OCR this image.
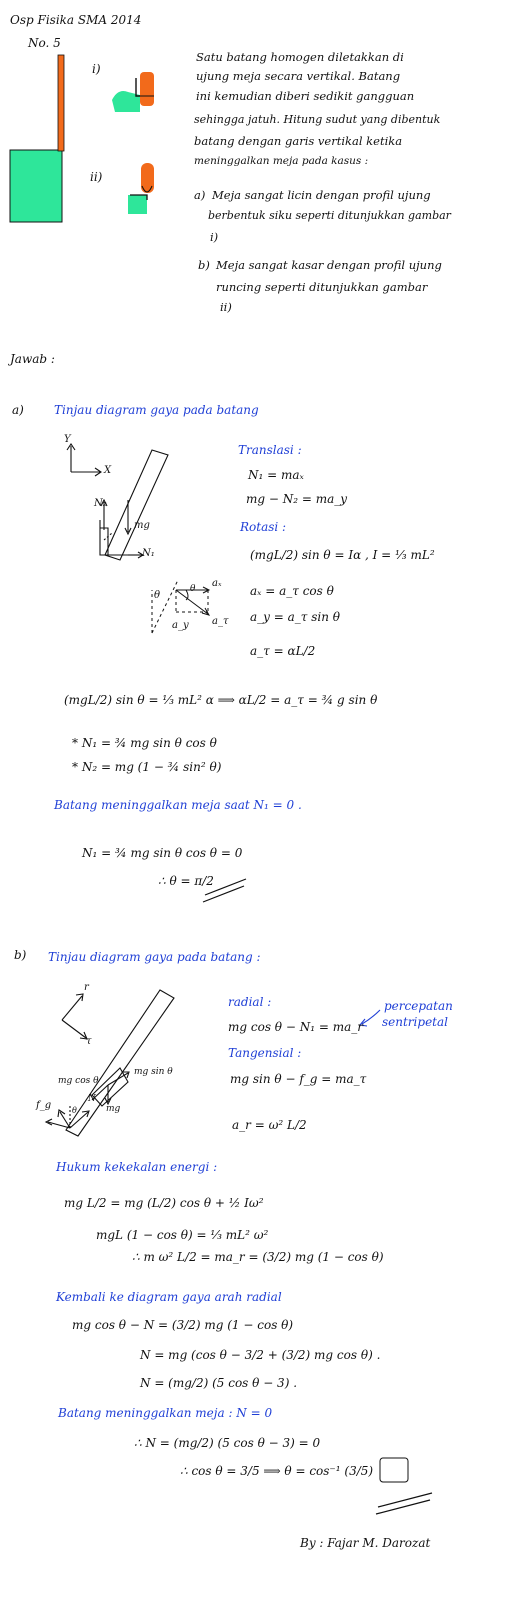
Osp Fisika SMA 2014
No. 5
i)
ii)
Satu batang homogen diletakkan di
ujung meja secara vertikal. Batang
ini kemudian diberi sedikit gangguan
sehingga jatuh. Hitung sudut yang dibentuk
batang dengan garis vertikal ketika
meninggalkan meja pada kasus :
a) Meja sangat licin dengan profil ujung
berbentuk siku seperti ditunjukkan gambar
i)
b) Meja sangat kasar dengan profil ujung
runcing seperti ditunjukkan gambar
ii)
Jawab :
a)	Tinjau diagram gaya pada batang
Y
X
N₂
mg
N₁
θ
θ aₓ
a_y a_τ
Translasi :
N₁ = maₓ
mg − N₂ = ma_y
Rotasi :
(mgL/2) sin θ = Iα , I = ⅓ mL²
aₓ = a_τ cos θ
a_y = a_τ sin θ
a_τ = αL/2
(mgL/2) sin θ = ⅓ mL² α ⟹ αL/2 = a_τ = ¾ g sin θ
* N₁ = ¾ mg sin θ cos θ
* N₂ = mg (1 − ¾ sin² θ)
Batang meninggalkan meja saat N₁ = 0 .
N₁ = ¾ mg sin θ cos θ = 0
∴ θ = π/2
b) Tinjau diagram gaya pada batang :
r
τ
mg cos θ
mg sin θ
mg
f_g
N
θ
radial :
mg cos θ − N₁ = ma_r
percepatan
sentripetal
Tangensial :
mg sin θ − f_g = ma_τ
a_r = ω² L/2
Hukum kekekalan energi :
mg L/2 = mg (L/2) cos θ + ½ Iω²
mgL (1 − cos θ) = ⅓ mL² ω²
∴ m ω² L/2 = ma_r = (3/2) mg (1 − cos θ)
Kembali ke diagram gaya arah radial
mg cos θ − N = (3/2) mg (1 − cos θ)
N = mg (cos θ − 3/2 + (3/2) mg cos θ) .
N = (mg/2) (5 cos θ − 3) .
Batang meninggalkan meja : N = 0
∴ N = (mg/2) (5 cos θ − 3) = 0
∴ cos θ = 3/5 ⟹ θ = cos⁻¹ (3/5)
By : Fajar M. Darozat
